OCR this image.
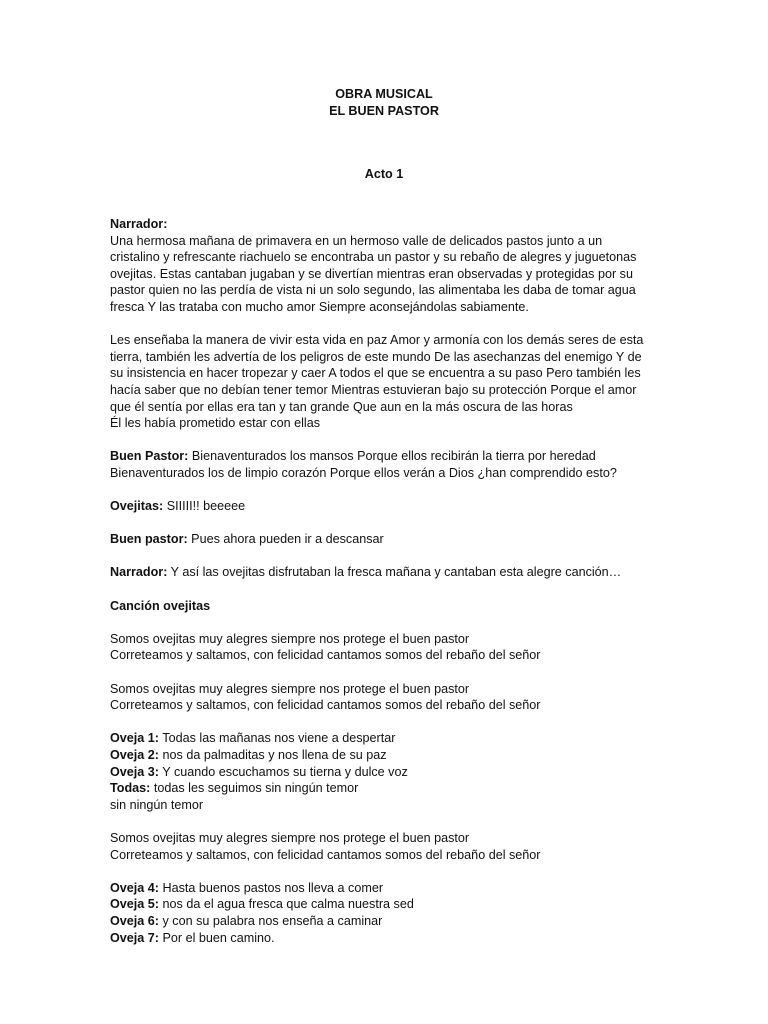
OBRA MUSICAL
EL BUEN PASTOR
Acto 1
Narrador:
Una hermosa mañana de primavera en un hermoso valle de delicados pastos junto a un
cristalino y refrescante riachuelo se encontraba un pastor y su rebaño de alegres y juguetonas
ovejitas. Estas cantaban jugaban y se divertían mientras eran observadas y protegidas por su
pastor quien no las perdía de vista ni un solo segundo, las alimentaba les daba de tomar agua
fresca Y las trataba con mucho amor Siempre aconsejándolas sabiamente.
Les enseñaba la manera de vivir esta vida en paz Amor y armonía con los demás seres de esta
tierra, también les advertía de los peligros de este mundo De las asechanzas del enemigo Y de
su insistencia en hacer tropezar y caer A todos el que se encuentra a su paso Pero también les
hacía saber que no debían tener temor Mientras estuvieran bajo su protección Porque el amor
que él sentía por ellas era tan y tan grande Que aun en la más oscura de las horas
Él les había prometido estar con ellas
Buen Pastor: Bienaventurados los mansos Porque ellos recibirán la tierra por heredad
Bienaventurados los de limpio corazón Porque ellos verán a Dios ¿han comprendido esto?
Ovejitas: SIIIII!! beeeee
Buen pastor: Pues ahora pueden ir a descansar
Narrador: Y así las ovejitas disfrutaban la fresca mañana y cantaban esta alegre canción…
Canción ovejitas
Somos ovejitas muy alegres siempre nos protege el buen pastor
Correteamos y saltamos, con felicidad cantamos somos del rebaño del señor
Somos ovejitas muy alegres siempre nos protege el buen pastor
Correteamos y saltamos, con felicidad cantamos somos del rebaño del señor
Oveja 1: Todas las mañanas nos viene a despertar
Oveja 2: nos da palmaditas y nos llena de su paz
Oveja 3: Y cuando escuchamos su tierna y dulce voz
Todas: todas les seguimos sin ningún temor
sin ningún temor
Somos ovejitas muy alegres siempre nos protege el buen pastor
Correteamos y saltamos, con felicidad cantamos somos del rebaño del señor
Oveja 4: Hasta buenos pastos nos lleva a comer
Oveja 5: nos da el agua fresca que calma nuestra sed
Oveja 6: y con su palabra nos enseña a caminar
Oveja 7: Por el buen camino.
